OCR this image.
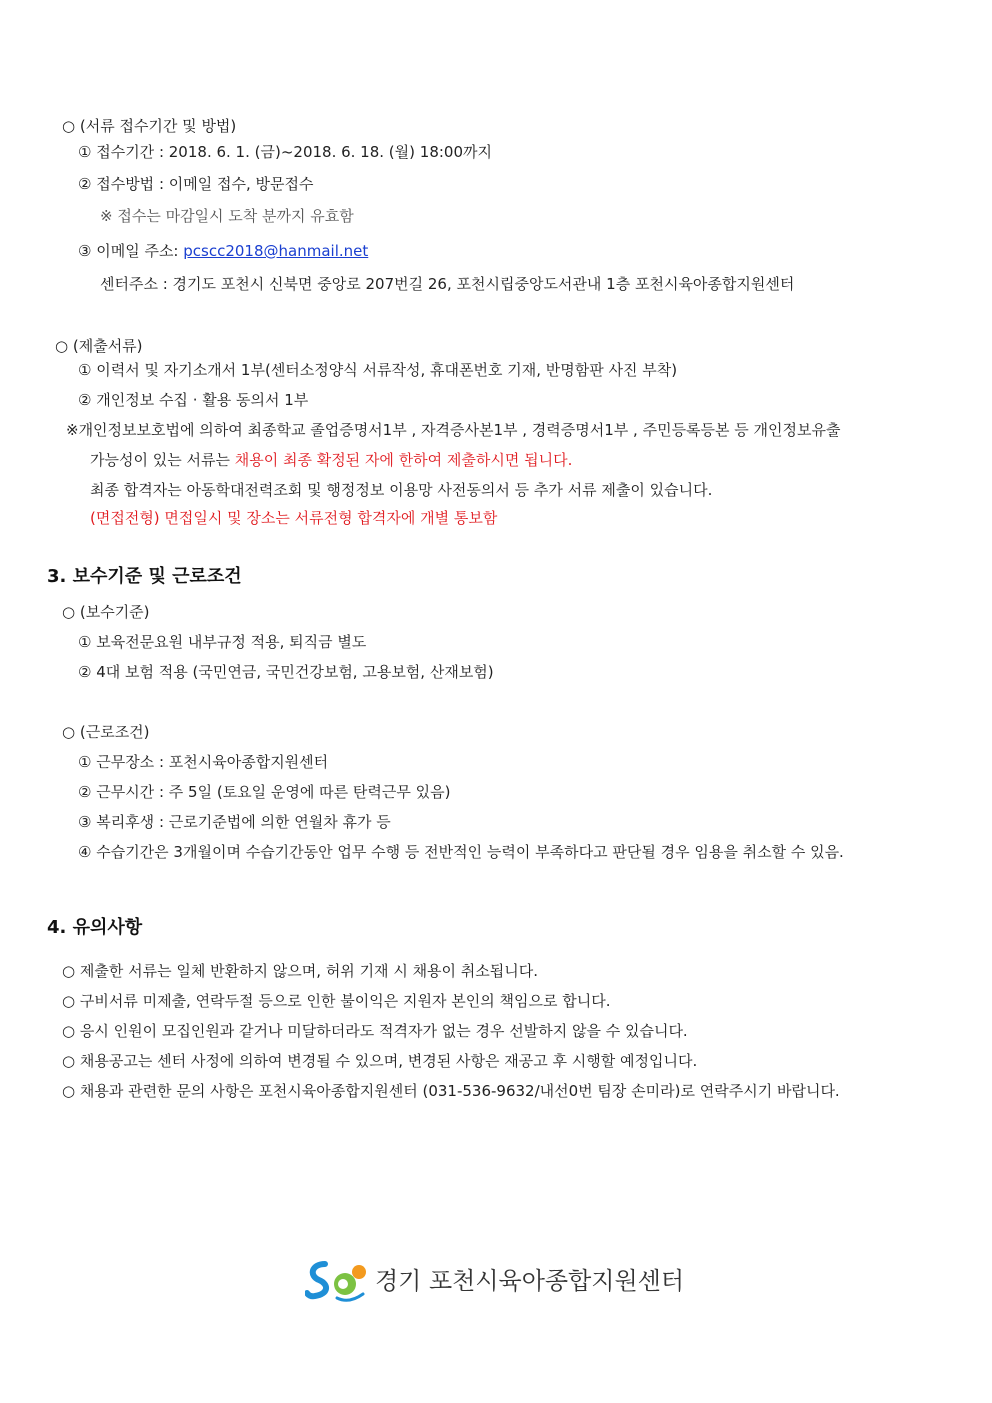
○ (서류 접수기간 및 방법)
① 접수기간 : 2018. 6. 1. (금)~2018. 6. 18. (월) 18:00까지
② 접수방법 : 이메일 접수, 방문접수
※ 접수는 마감일시 도착 분까지 유효함
③ 이메일 주소: pcscc2018@hanmail.net
센터주소 : 경기도 포천시 신북면 중앙로 207번길 26, 포천시립중앙도서관내 1층 포천시육아종합지원센터
○ (제출서류)
① 이력서 및 자기소개서 1부(센터소정양식 서류작성, 휴대폰번호 기재, 반명함판 사진 부착)
② 개인정보 수집 · 활용 동의서 1부
※개인정보보호법에 의하여 최종학교 졸업증명서1부 , 자격증사본1부 , 경력증명서1부 , 주민등록등본 등 개인정보유출
가능성이 있는 서류는 채용이 최종 확정된 자에 한하여 제출하시면 됩니다.
최종 합격자는 아동학대전력조회 및 행정정보 이용망 사전동의서 등 추가 서류 제출이 있습니다.
(면접전형) 면접일시 및 장소는 서류전형 합격자에 개별 통보함
3. 보수기준 및 근로조건
○ (보수기준)
① 보육전문요원 내부규정 적용, 퇴직금 별도
② 4대 보험 적용 (국민연금, 국민건강보험, 고용보험, 산재보험)
○ (근로조건)
① 근무장소 : 포천시육아종합지원센터
② 근무시간 : 주 5일 (토요일 운영에 따른 탄력근무 있음)
③ 복리후생 : 근로기준법에 의한 연월차 휴가 등
④ 수습기간은 3개월이며 수습기간동안 업무 수행 등 전반적인 능력이 부족하다고 판단될 경우 임용을 취소할 수 있음.
4. 유의사항
○ 제출한 서류는 일체 반환하지 않으며, 허위 기재 시 채용이 취소됩니다.
○ 구비서류 미제출, 연락두절 등으로 인한 불이익은 지원자 본인의 책임으로 합니다.
○ 응시 인원이 모집인원과 같거나 미달하더라도 적격자가 없는 경우 선발하지 않을 수 있습니다.
○ 채용공고는 센터 사정에 의하여 변경될 수 있으며, 변경된 사항은 재공고 후 시행할 예정입니다.
○ 채용과 관련한 문의 사항은 포천시육아종합지원센터 (031-536-9632/내선0번 팀장 손미라)로 연락주시기 바랍니다.
경기 포천시육아종합지원센터
